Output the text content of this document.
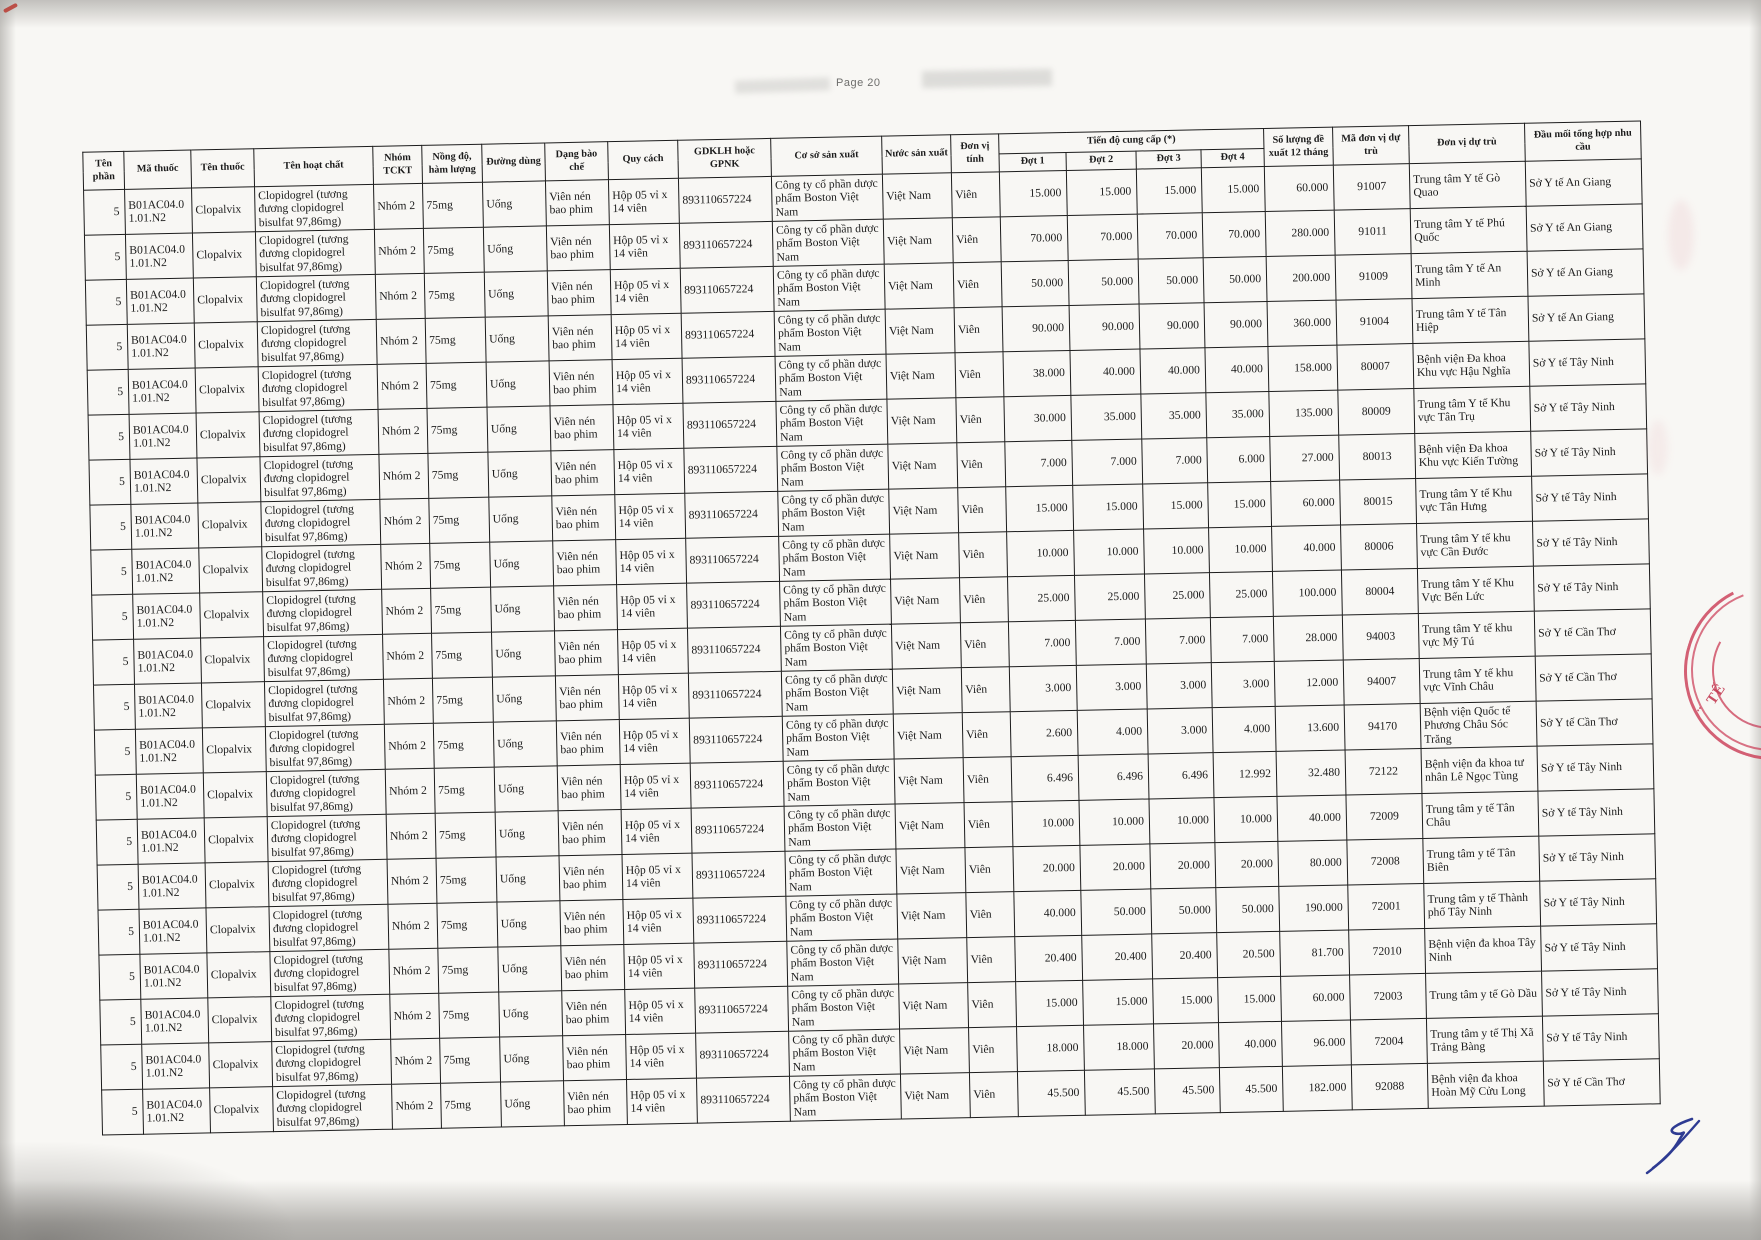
Page 20
Tên phần	Mã thuốc	Tên thuốc	Tên hoạt chất	Nhóm TCKT	Nồng độ, hàm lượng	Đường dùng	Dạng bào chế	Quy cách	GDKLH hoặc GPNK	Cơ sở sản xuất	Nước sản xuất	Đơn vị tính	Tiến độ cung cấp (*)				Số lượng đề xuất 12 tháng	Mã đơn vị dự trù	Đơn vị dự trù	Đầu mối tổng hợp nhu cầu
													Đợt 1	Đợt 2	Đợt 3	Đợt 4				
5	B01AC04.0 1.01.N2	Clopalvix	Clopidogrel (tương đương clopidogrel bisulfat 97,86mg)	Nhóm 2	75mg	Uống	Viên nén bao phim	Hộp 05 vỉ x 14 viên	893110657224	Công ty cổ phần dược phẩm Boston Việt Nam	Việt Nam	Viên	15.000	15.000	15.000	15.000	60.000	91007	Trung tâm Y tế Gò Quao	Sở Y tế An Giang
5	B01AC04.0 1.01.N2	Clopalvix	Clopidogrel (tương đương clopidogrel bisulfat 97,86mg)	Nhóm 2	75mg	Uống	Viên nén bao phim	Hộp 05 vỉ x 14 viên	893110657224	Công ty cổ phần dược phẩm Boston Việt Nam	Việt Nam	Viên	70.000	70.000	70.000	70.000	280.000	91011	Trung tâm Y tế Phú Quốc	Sở Y tế An Giang
5	B01AC04.0 1.01.N2	Clopalvix	Clopidogrel (tương đương clopidogrel bisulfat 97,86mg)	Nhóm 2	75mg	Uống	Viên nén bao phim	Hộp 05 vỉ x 14 viên	893110657224	Công ty cổ phần dược phẩm Boston Việt Nam	Việt Nam	Viên	50.000	50.000	50.000	50.000	200.000	91009	Trung tâm Y tế An Minh	Sở Y tế An Giang
5	B01AC04.0 1.01.N2	Clopalvix	Clopidogrel (tương đương clopidogrel bisulfat 97,86mg)	Nhóm 2	75mg	Uống	Viên nén bao phim	Hộp 05 vỉ x 14 viên	893110657224	Công ty cổ phần dược phẩm Boston Việt Nam	Việt Nam	Viên	90.000	90.000	90.000	90.000	360.000	91004	Trung tâm Y tế Tân Hiệp	Sở Y tế An Giang
5	B01AC04.0 1.01.N2	Clopalvix	Clopidogrel (tương đương clopidogrel bisulfat 97,86mg)	Nhóm 2	75mg	Uống	Viên nén bao phim	Hộp 05 vỉ x 14 viên	893110657224	Công ty cổ phần dược phẩm Boston Việt Nam	Việt Nam	Viên	38.000	40.000	40.000	40.000	158.000	80007	Bệnh viện Đa khoa Khu vực Hậu Nghĩa	Sở Y tế Tây Ninh
5	B01AC04.0 1.01.N2	Clopalvix	Clopidogrel (tương đương clopidogrel bisulfat 97,86mg)	Nhóm 2	75mg	Uống	Viên nén bao phim	Hộp 05 vỉ x 14 viên	893110657224	Công ty cổ phần dược phẩm Boston Việt Nam	Việt Nam	Viên	30.000	35.000	35.000	35.000	135.000	80009	Trung tâm Y tế Khu vực Tân Trụ	Sở Y tế Tây Ninh
5	B01AC04.0 1.01.N2	Clopalvix	Clopidogrel (tương đương clopidogrel bisulfat 97,86mg)	Nhóm 2	75mg	Uống	Viên nén bao phim	Hộp 05 vỉ x 14 viên	893110657224	Công ty cổ phần dược phẩm Boston Việt Nam	Việt Nam	Viên	7.000	7.000	7.000	6.000	27.000	80013	Bệnh viện Đa khoa Khu vực Kiến Tường	Sở Y tế Tây Ninh
5	B01AC04.0 1.01.N2	Clopalvix	Clopidogrel (tương đương clopidogrel bisulfat 97,86mg)	Nhóm 2	75mg	Uống	Viên nén bao phim	Hộp 05 vỉ x 14 viên	893110657224	Công ty cổ phần dược phẩm Boston Việt Nam	Việt Nam	Viên	15.000	15.000	15.000	15.000	60.000	80015	Trung tâm Y tế Khu vực Tân Hưng	Sở Y tế Tây Ninh
5	B01AC04.0 1.01.N2	Clopalvix	Clopidogrel (tương đương clopidogrel bisulfat 97,86mg)	Nhóm 2	75mg	Uống	Viên nén bao phim	Hộp 05 vỉ x 14 viên	893110657224	Công ty cổ phần dược phẩm Boston Việt Nam	Việt Nam	Viên	10.000	10.000	10.000	10.000	40.000	80006	Trung tâm Y tế khu vực Cần Đước	Sở Y tế Tây Ninh
5	B01AC04.0 1.01.N2	Clopalvix	Clopidogrel (tương đương clopidogrel bisulfat 97,86mg)	Nhóm 2	75mg	Uống	Viên nén bao phim	Hộp 05 vỉ x 14 viên	893110657224	Công ty cổ phần dược phẩm Boston Việt Nam	Việt Nam	Viên	25.000	25.000	25.000	25.000	100.000	80004	Trung tâm Y tế Khu Vực Bến Lức	Sở Y tế Tây Ninh
5	B01AC04.0 1.01.N2	Clopalvix	Clopidogrel (tương đương clopidogrel bisulfat 97,86mg)	Nhóm 2	75mg	Uống	Viên nén bao phim	Hộp 05 vỉ x 14 viên	893110657224	Công ty cổ phần dược phẩm Boston Việt Nam	Việt Nam	Viên	7.000	7.000	7.000	7.000	28.000	94003	Trung tâm Y tế khu vực Mỹ Tú	Sở Y tế Cần Thơ
5	B01AC04.0 1.01.N2	Clopalvix	Clopidogrel (tương đương clopidogrel bisulfat 97,86mg)	Nhóm 2	75mg	Uống	Viên nén bao phim	Hộp 05 vỉ x 14 viên	893110657224	Công ty cổ phần dược phẩm Boston Việt Nam	Việt Nam	Viên	3.000	3.000	3.000	3.000	12.000	94007	Trung tâm Y tế khu vực Vĩnh Châu	Sở Y tế Cần Thơ
5	B01AC04.0 1.01.N2	Clopalvix	Clopidogrel (tương đương clopidogrel bisulfat 97,86mg)	Nhóm 2	75mg	Uống	Viên nén bao phim	Hộp 05 vỉ x 14 viên	893110657224	Công ty cổ phần dược phẩm Boston Việt Nam	Việt Nam	Viên	2.600	4.000	3.000	4.000	13.600	94170	Bệnh viện Quốc tế Phương Châu Sóc Trăng	Sở Y tế Cần Thơ
5	B01AC04.0 1.01.N2	Clopalvix	Clopidogrel (tương đương clopidogrel bisulfat 97,86mg)	Nhóm 2	75mg	Uống	Viên nén bao phim	Hộp 05 vỉ x 14 viên	893110657224	Công ty cổ phần dược phẩm Boston Việt Nam	Việt Nam	Viên	6.496	6.496	6.496	12.992	32.480	72122	Bệnh viện đa khoa tư nhân Lê Ngọc Tùng	Sở Y tế Tây Ninh
5	B01AC04.0 1.01.N2	Clopalvix	Clopidogrel (tương đương clopidogrel bisulfat 97,86mg)	Nhóm 2	75mg	Uống	Viên nén bao phim	Hộp 05 vỉ x 14 viên	893110657224	Công ty cổ phần dược phẩm Boston Việt Nam	Việt Nam	Viên	10.000	10.000	10.000	10.000	40.000	72009	Trung tâm y tế Tân Châu	Sở Y tế Tây Ninh
5	B01AC04.0 1.01.N2	Clopalvix	Clopidogrel (tương đương clopidogrel bisulfat 97,86mg)	Nhóm 2	75mg	Uống	Viên nén bao phim	Hộp 05 vỉ x 14 viên	893110657224	Công ty cổ phần dược phẩm Boston Việt Nam	Việt Nam	Viên	20.000	20.000	20.000	20.000	80.000	72008	Trung tâm y tế Tân Biên	Sở Y tế Tây Ninh
5	B01AC04.0 1.01.N2	Clopalvix	Clopidogrel (tương đương clopidogrel bisulfat 97,86mg)	Nhóm 2	75mg	Uống	Viên nén bao phim	Hộp 05 vỉ x 14 viên	893110657224	Công ty cổ phần dược phẩm Boston Việt Nam	Việt Nam	Viên	40.000	50.000	50.000	50.000	190.000	72001	Trung tâm y tế Thành phố Tây Ninh	Sở Y tế Tây Ninh
5	B01AC04.0 1.01.N2	Clopalvix	Clopidogrel (tương đương clopidogrel bisulfat 97,86mg)	Nhóm 2	75mg	Uống	Viên nén bao phim	Hộp 05 vỉ x 14 viên	893110657224	Công ty cổ phần dược phẩm Boston Việt Nam	Việt Nam	Viên	20.400	20.400	20.400	20.500	81.700	72010	Bệnh viện đa khoa Tây Ninh	Sở Y tế Tây Ninh
5	B01AC04.0 1.01.N2	Clopalvix	Clopidogrel (tương đương clopidogrel bisulfat 97,86mg)	Nhóm 2	75mg	Uống	Viên nén bao phim	Hộp 05 vỉ x 14 viên	893110657224	Công ty cổ phần dược phẩm Boston Việt Nam	Việt Nam	Viên	15.000	15.000	15.000	15.000	60.000	72003	Trung tâm y tế Gò Dầu	Sở Y tế Tây Ninh
5	B01AC04.0 1.01.N2	Clopalvix	Clopidogrel (tương đương clopidogrel bisulfat 97,86mg)	Nhóm 2	75mg	Uống	Viên nén bao phim	Hộp 05 vỉ x 14 viên	893110657224	Công ty cổ phần dược phẩm Boston Việt Nam	Việt Nam	Viên	18.000	18.000	20.000	40.000	96.000	72004	Trung tâm y tế Thị Xã Trảng Bàng	Sở Y tế Tây Ninh
5	B01AC04.0 1.01.N2	Clopalvix	Clopidogrel (tương đương clopidogrel bisulfat 97,86mg)	Nhóm 2	75mg	Uống	Viên nén bao phim	Hộp 05 vỉ x 14 viên	893110657224	Công ty cổ phần dược phẩm Boston Việt Nam	Việt Nam	Viên	45.500	45.500	45.500	45.500	182.000	92088	Bệnh viện đa khoa Hoàn Mỹ Cửu Long	Sở Y tế Cần Thơ
TẾ
..
